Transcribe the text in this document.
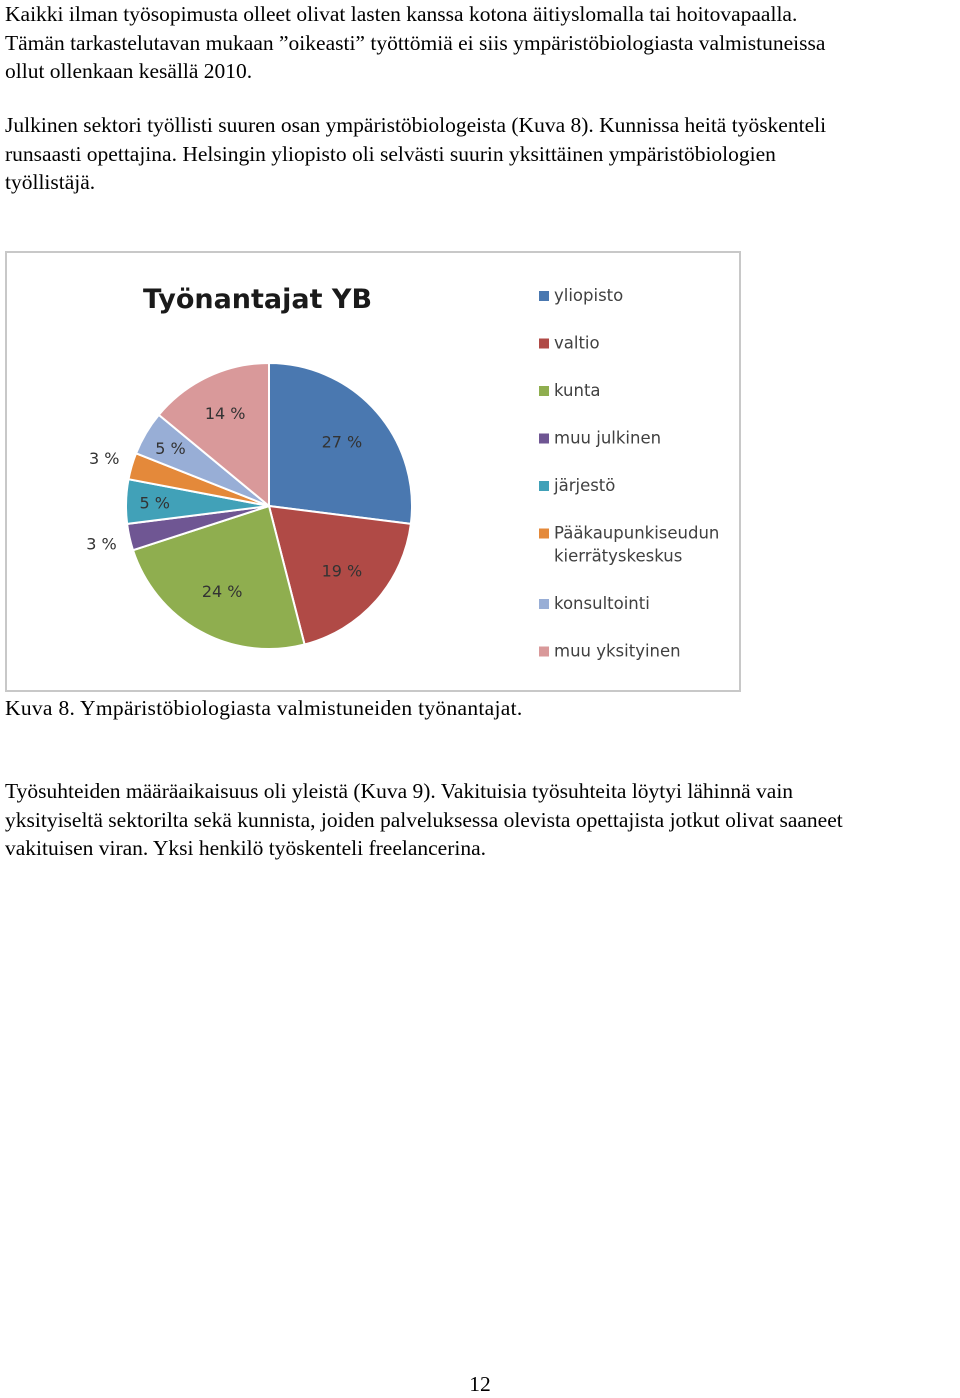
Kaikki ilman työsopimusta olleet olivat lasten kanssa kotona äitiyslomalla tai hoitovapaalla.
Tämän tarkastelutavan mukaan ”oikeasti” työttömiä ei siis ympäristöbiologiasta valmistuneissa
ollut ollenkaan kesällä 2010.
Julkinen sektori työllisti suuren osan ympäristöbiologeista (Kuva 8). Kunnissa heitä työskenteli
runsaasti opettajina. Helsingin yliopisto oli selvästi suurin yksittäinen ympäristöbiologien
työllistäjä.
Työnantajat YB
27 %
19 %
24 %
3 %
5 %
3 %
5 %
14 %
yliopisto
valtio
kunta
muu julkinen
järjestö
Pääkaupunkiseudun
kierrätyskeskus
konsultointi
muu yksityinen
Kuva 8. Ympäristöbiologiasta valmistuneiden työnantajat.
Työsuhteiden määräaikaisuus oli yleistä (Kuva 9). Vakituisia työsuhteita löytyi lähinnä vain
yksityiseltä sektorilta sekä kunnista, joiden palveluksessa olevista opettajista jotkut olivat saaneet
vakituisen viran. Yksi henkilö työskenteli freelancerina.
12
